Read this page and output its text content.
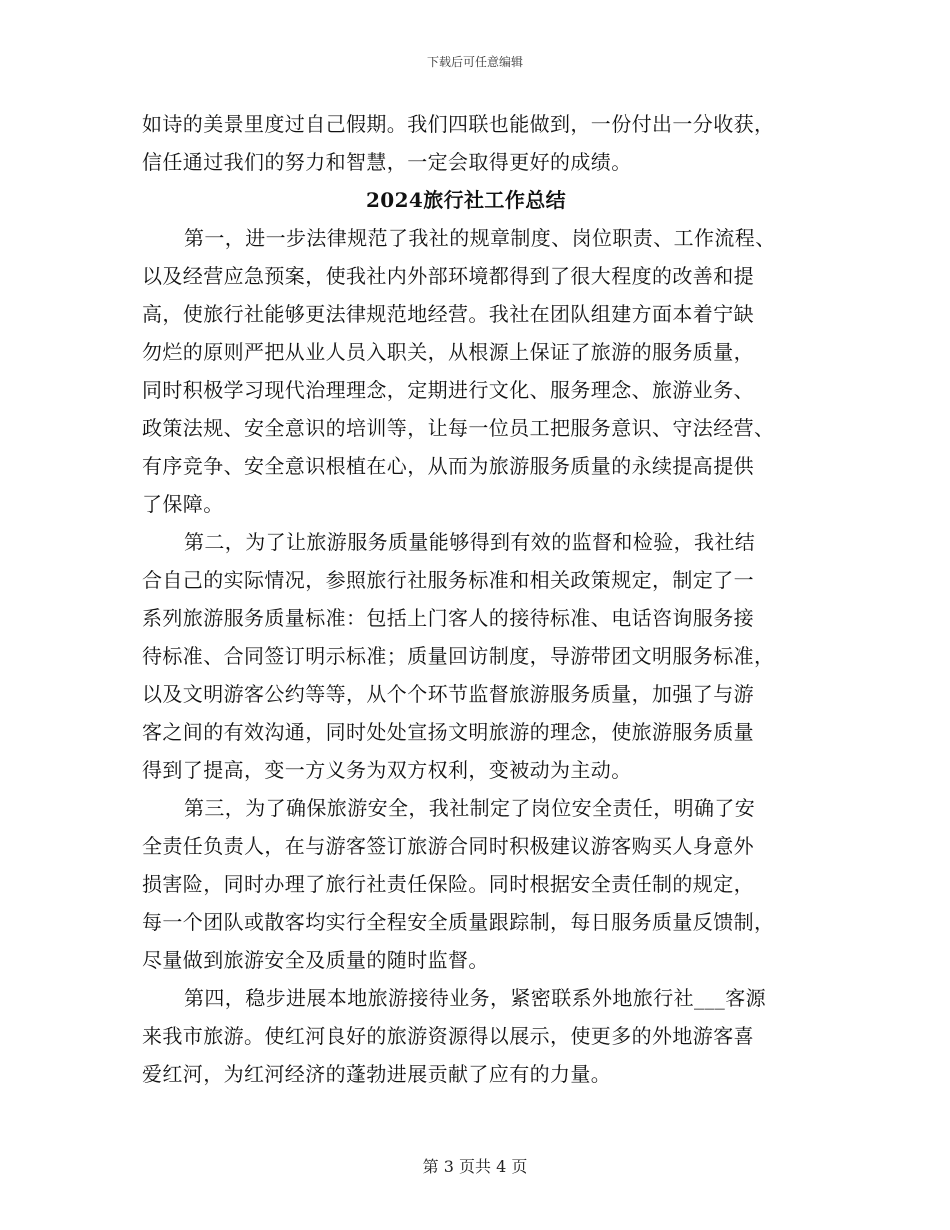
下载后可任意编辑
如诗的美景里度过自己假期。我们四联也能做到，一份付出一分收获，
信任通过我们的努力和智慧，一定会取得更好的成绩。
2024旅行社工作总结
第一，进一步法律规范了我社的规章制度、岗位职责、工作流程、
以及经营应急预案，使我社内外部环境都得到了很大程度的改善和提
高，使旅行社能够更法律规范地经营。我社在团队组建方面本着宁缺
勿烂的原则严把从业人员入职关，从根源上保证了旅游的服务质量，
同时积极学习现代治理理念，定期进行文化、服务理念、旅游业务、
政策法规、安全意识的培训等，让每一位员工把服务意识、守法经营、
有序竞争、安全意识根植在心，从而为旅游服务质量的永续提高提供
了保障。
第二，为了让旅游服务质量能够得到有效的监督和检验，我社结
合自己的实际情况，参照旅行社服务标准和相关政策规定，制定了一
系列旅游服务质量标准：包括上门客人的接待标准、电话咨询服务接
待标准、合同签订明示标准；质量回访制度，导游带团文明服务标准，
以及文明游客公约等等，从个个环节监督旅游服务质量，加强了与游
客之间的有效沟通，同时处处宣扬文明旅游的理念，使旅游服务质量
得到了提高，变一方义务为双方权利，变被动为主动。
第三，为了确保旅游安全，我社制定了岗位安全责任，明确了安
全责任负责人，在与游客签订旅游合同时积极建议游客购买人身意外
损害险，同时办理了旅行社责任保险。同时根据安全责任制的规定，
每一个团队或散客均实行全程安全质量跟踪制，每日服务质量反馈制，
尽量做到旅游安全及质量的随时监督。
第四，稳步进展本地旅游接待业务，紧密联系外地旅行社___客源
来我市旅游。使红河良好的旅游资源得以展示，使更多的外地游客喜
爱红河，为红河经济的蓬勃进展贡献了应有的力量。
第 3 页共 4 页
